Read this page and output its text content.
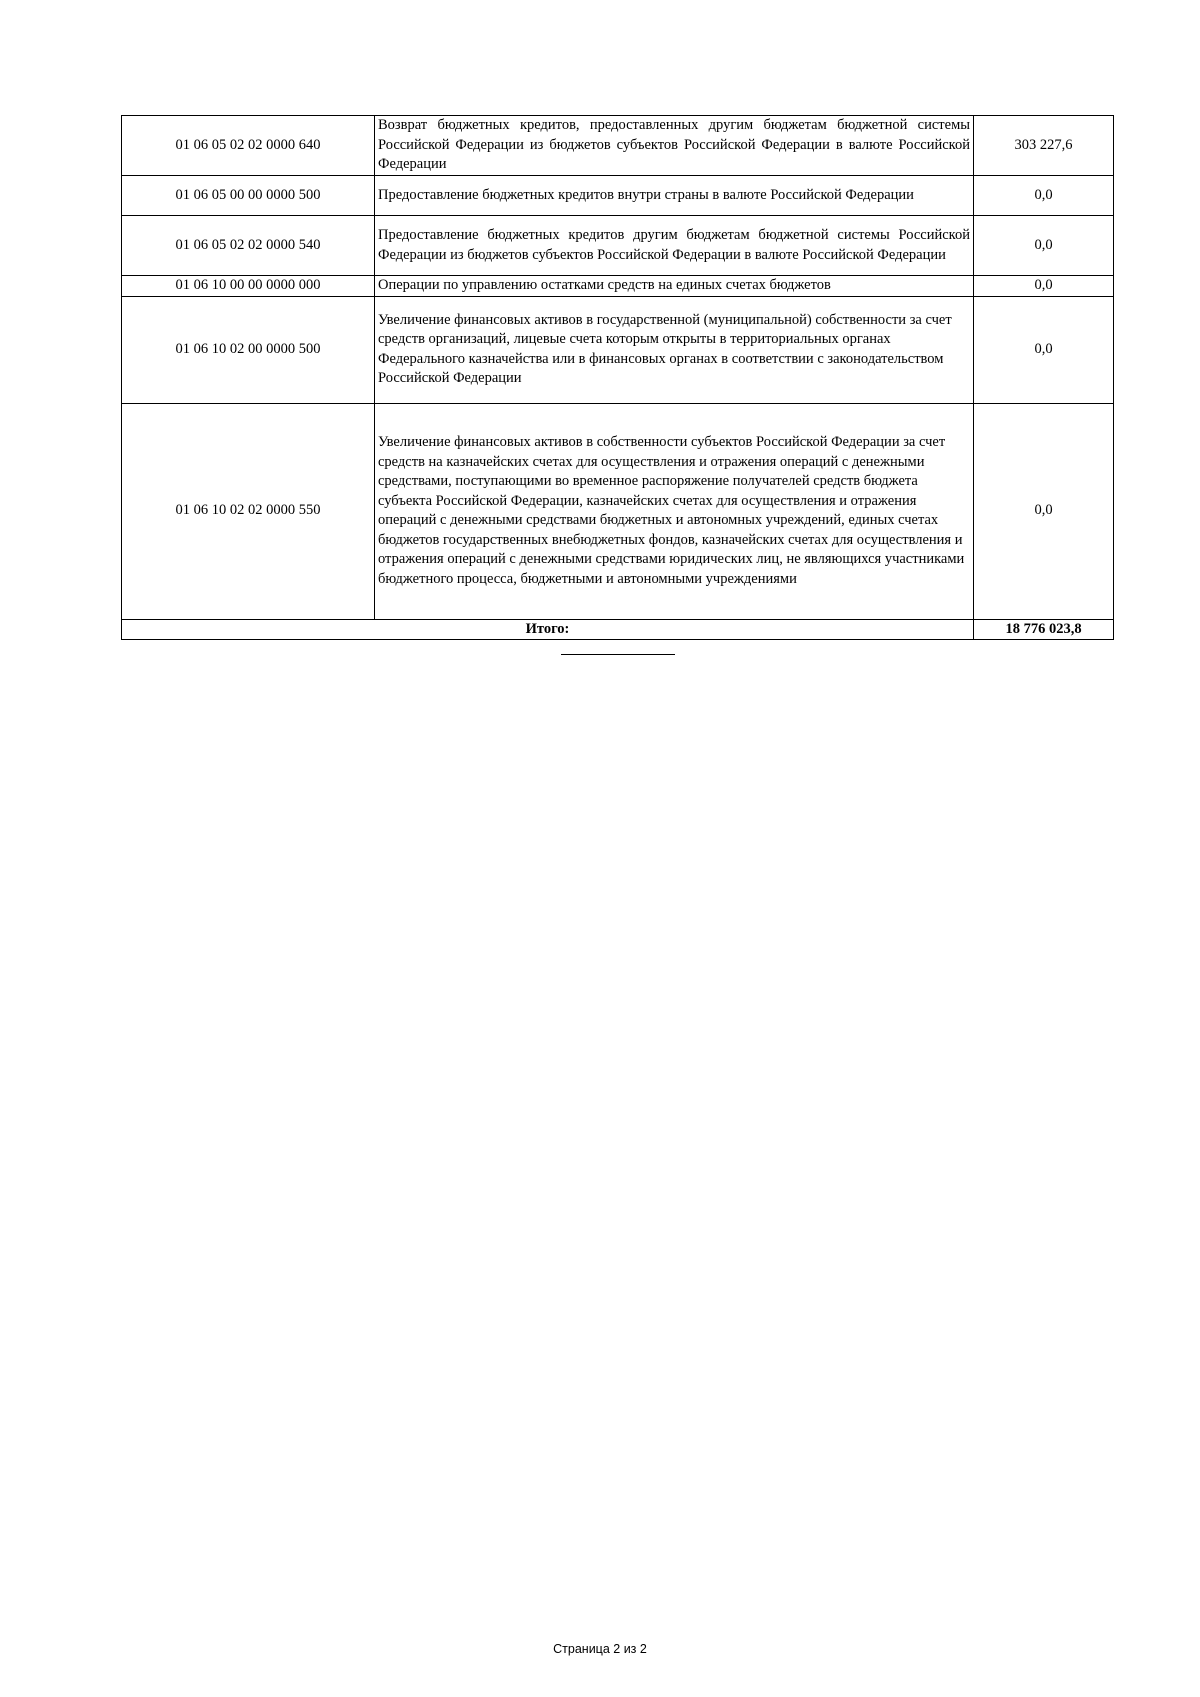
01 06 05 02 02 0000 640	Возврат бюджетных кредитов, предоставленных другим бюджетам бюджетной системы Российской Федерации из бюджетов субъектов Российской Федерации в валюте Российской Федерации	303 227,6
01 06 05 00 00 0000 500	Предоставление бюджетных кредитов внутри страны в валюте Российской Федерации	0,0
01 06 05 02 02 0000 540	Предоставление бюджетных кредитов другим бюджетам бюджетной системы Российской Федерации из бюджетов субъектов Российской Федерации в валюте Российской Федерации	0,0
01 06 10 00 00 0000 000	Операции по управлению остатками средств на единых счетах бюджетов	0,0
01 06 10 02 00 0000 500	Увеличение финансовых активов в государственной (муниципальной) собственности за счет средств организаций, лицевые счета которым открыты в территориальных органах Федерального казначейства или в финансовых органах в соответствии с законодательством Российской Федерации	0,0
01 06 10 02 02 0000 550	Увеличение финансовых активов в собственности субъектов Российской Федерации за счет средств на казначейских счетах для осуществления и отражения операций с денежными средствами, поступающими во временное распоряжение получателей средств бюджета субъекта Российской Федерации, казначейских счетах для осуществления и отражения операций с денежными средствами бюджетных и автономных учреждений, единых счетах бюджетов государственных внебюджетных фондов, казначейских счетах для осуществления и отражения операций с денежными средствами юридических лиц, не являющихся участниками бюджетного процесса, бюджетными и автономными учреждениями	0,0
Итого:		18 776 023,8
Страница 2 из 2
